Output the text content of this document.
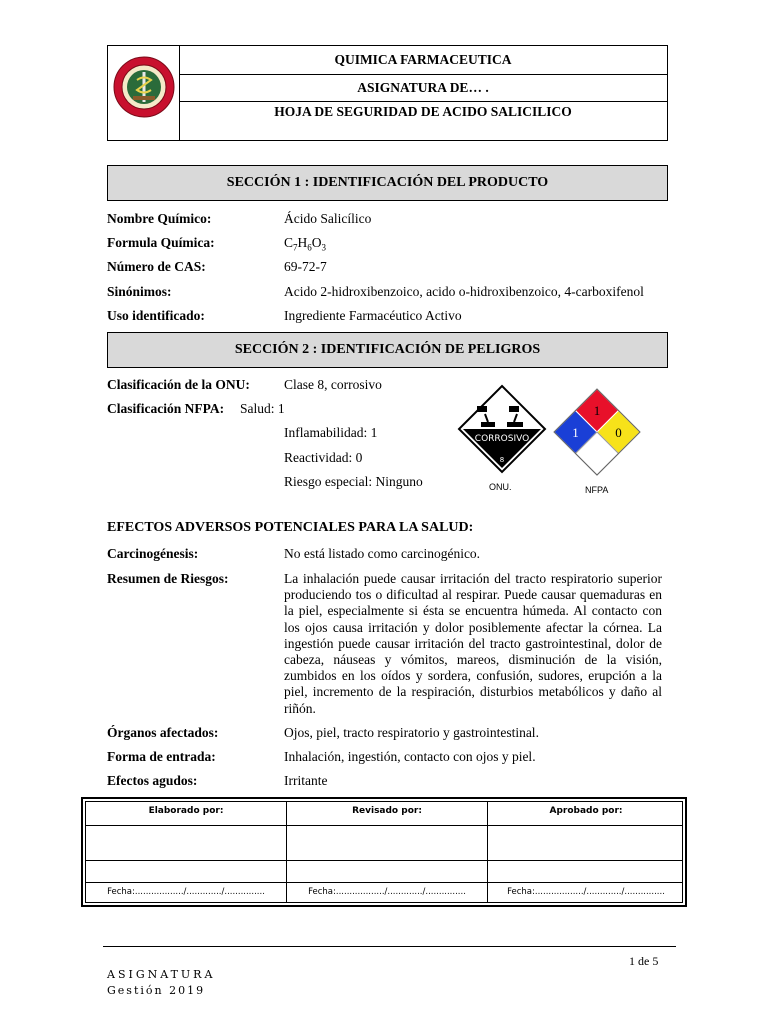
QUIMICA FARMACEUTICA
ASIGNATURA DE… .
HOJA DE SEGURIDAD DE ACIDO SALICILICO
SECCIÓN 1 : IDENTIFICACIÓN DEL PRODUCTO
Nombre Químico:	Ácido Salicílico
Formula Química:	$C_7H_6O_3$
Número de CAS:	69-72-7
Sinónimos:	Acido 2-hidroxibenzoico, acido o-hidroxibenzoico, 4-carboxifenol
Uso identificado:	Ingrediente Farmacéutico Activo
SECCIÓN 2 : IDENTIFICACIÓN DE PELIGROS
Clasificación de la ONU:	Clase 8, corrosivo
Clasificación NFPA: Salud: 1
Inflamabilidad: 1
Reactividad: 0
Riesgo especial: Ninguno
CORROSIVO
8
ONU.
1
1
0
NFPA
EFECTOS ADVERSOS POTENCIALES PARA LA SALUD:
Carcinogénesis:	No está listado como carcinogénico.
Resumen de Riesgos:	La inhalación puede causar irritación del tracto respiratorio superior produciendo tos o dificultad al respirar. Puede causar quemaduras en la piel, especialmente si ésta se encuentra húmeda. Al contacto con los ojos causa irritación y dolor posiblemente afectar la córnea. La ingestión puede causar irritación del tracto gastrointestinal, dolor de cabeza, náuseas y vómitos, mareos, disminución de la visión, zumbidos en los oídos y sordera, confusión, sudores, erupción a la piel, incremento de la respiración, disturbios metabólicos y daño al riñón.
Órganos afectados:	Ojos, piel, tracto respiratorio y gastrointestinal.
Forma de entrada:	Inhalación, ingestión, contacto con ojos y piel.
Efectos agudos:	Irritante
Elaborado por:	Revisado por:	Aprobado por:
Fecha:................../............./...............	Fecha:................../............./...............	Fecha:................../............./...............
1 de 5
ASIGNATURA
Gestión 2019
